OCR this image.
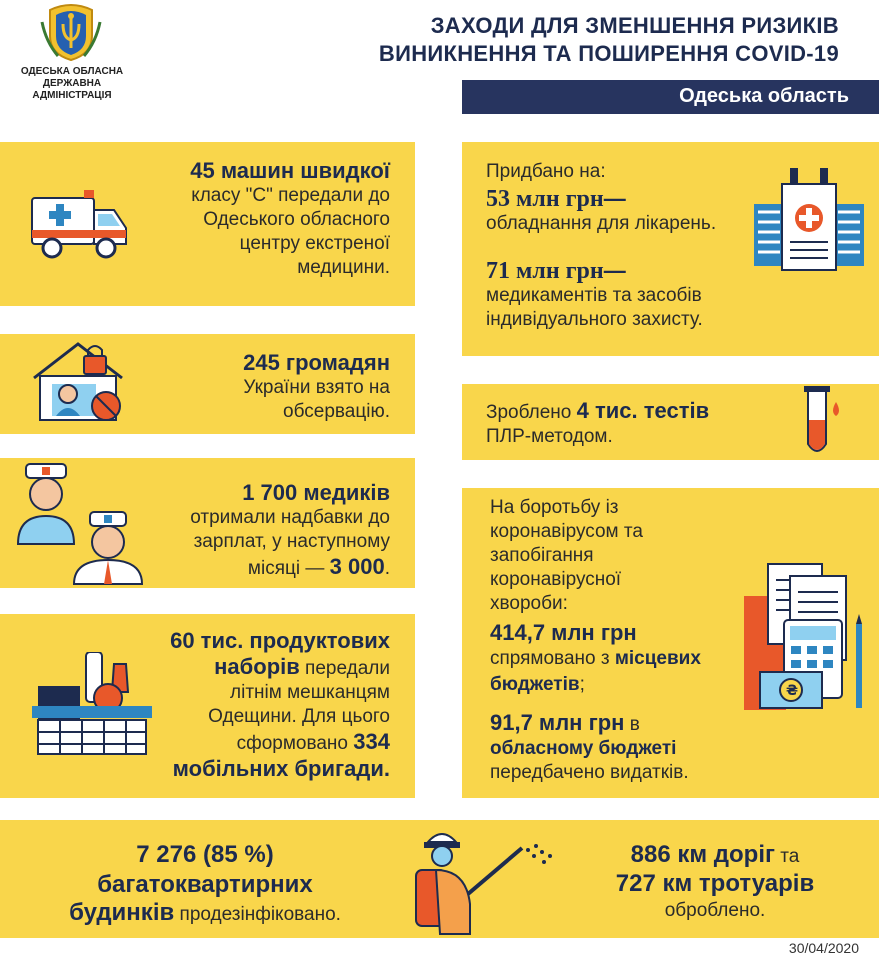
ОДЕСЬКА ОБЛАСНА
ДЕРЖАВНА
АДМІНІСТРАЦІЯ
ЗАХОДИ ДЛЯ ЗМЕНШЕННЯ РИЗИКІВ
ВИНИКНЕННЯ ТА ПОШИРЕННЯ COVID-19
Одеська область
45 машин швидкої
класу "С" передали до
Одеського обласного
центру екстреної
медицини.
245 громадян
України взято на
обсервацію.
1 700 медиків
отримали надбавки до
зарплат, у наступному
місяці — 3 000.
60 тис. продуктових
наборів передали
літнім мешканцям
Одещини. Для цього
сформовано 334
мобільних бригади.
Придбано на:
53 млн грн—
обладнання для лікарень.
71 млн грн—
медикаментів та засобів
індивідуального захисту.
Зроблено 4 тис. тестів
ПЛР-методом.
На боротьбу із
коронавірусом та
запобігання
коронавірусної
хвороби:
414,7 млн грн
спрямовано з місцевих
бюджетів;
91,7 млн грн в
обласному бюджеті
передбачено видатків.
₴
7 276 (85 %)
багатоквартирних
будинків продезінфіковано.
886 км доріг та
727 км тротуарів
оброблено.
30/04/2020
